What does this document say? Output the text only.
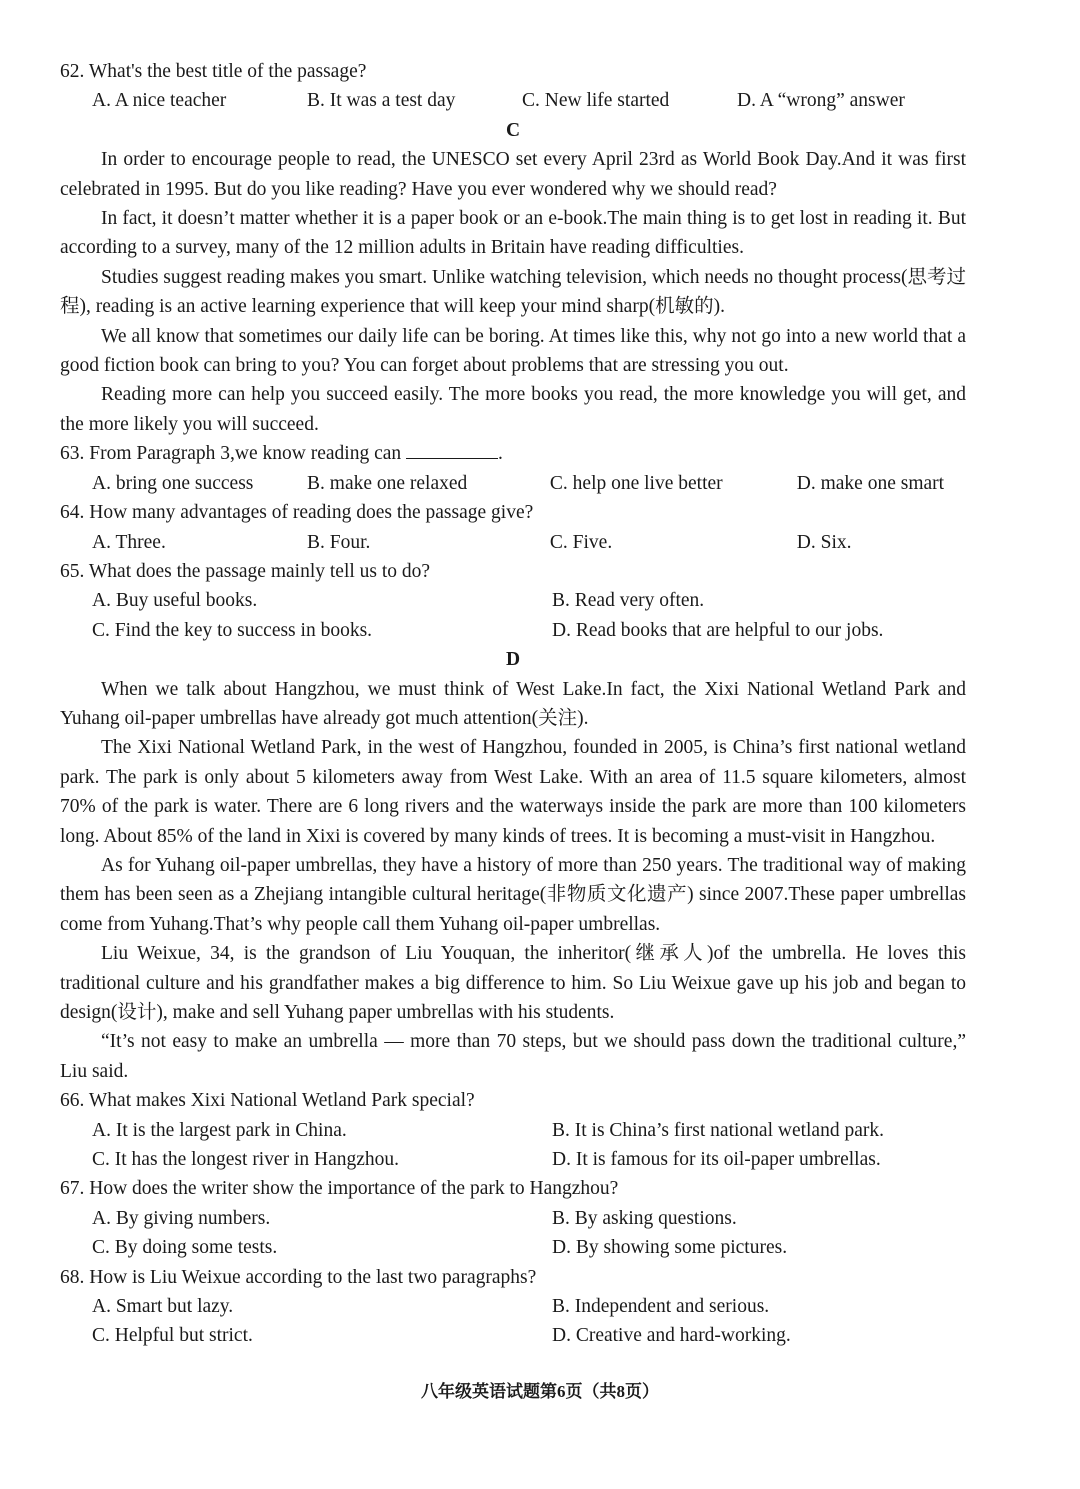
62. What's the best title of the passage?

A. A nice teacher	B. It was a test day	C. New life started	D. A “wrong” answer

C

In order to encourage people to read, the UNESCO set every April 23rd as World Book Day.And it was first celebrated in 1995. But do you like reading? Have you ever wondered why we should read?

In fact, it doesn’t matter whether it is a paper book or an e-book.The main thing is to get lost in reading it. But according to a survey, many of the 12 million adults in Britain have reading difficulties.

Studies suggest reading makes you smart. Unlike watching television, which needs no thought process(思考过程), reading is an active learning experience that will keep your mind sharp(机敏的).

We all know that sometimes our daily life can be boring. At times like this, why not go into a new world that a good fiction book can bring to you? You can forget about problems that are stressing you out.

Reading more can help you succeed easily. The more books you read, the more knowledge you will get, and the more likely you will succeed.

63. From Paragraph 3,we know reading can	.

A. bring one success	B. make one relaxed	C. help one live better	D. make one smart

64. How many advantages of reading does the passage give?

A. Three.	B. Four.	C. Five.	D. Six.

65. What does the passage mainly tell us to do?

A. Buy useful books.	B. Read very often.
C. Find the key to success in books.	D. Read books that are helpful to our jobs.

D

When we talk about Hangzhou, we must think of West Lake.In fact, the Xixi National Wetland Park and Yuhang oil-paper umbrellas have already got much attention(关注).

The Xixi National Wetland Park, in the west of Hangzhou, founded in 2005, is China’s first national wetland park. The park is only about 5 kilometers away from West Lake. With an area of 11.5 square kilometers, almost 70% of the park is water. There are 6 long rivers and the waterways inside the park are more than 100 kilometers long. About 85% of the land in Xixi is covered by many kinds of trees. It is becoming a must-visit in Hangzhou.

As for Yuhang oil-paper umbrellas, they have a history of more than 250 years. The traditional way of making them has been seen as a Zhejiang intangible cultural heritage(非物质文化遗产) since 2007.These paper umbrellas come from Yuhang.That’s why people call them Yuhang oil-paper umbrellas.

Liu Weixue, 34, is the grandson of Liu Youquan, the inheritor(继承人)of the umbrella. He loves this traditional culture and his grandfather makes a big difference to him. So Liu Weixue gave up his job and began to design(设计), make and sell Yuhang paper umbrellas with his students.

“It’s not easy to make an umbrella — more than 70 steps, but we should pass down the traditional culture,” Liu said.

66. What makes Xixi National Wetland Park special?

A. It is the largest park in China.	B. It is China’s first national wetland park.
C. It has the longest river in Hangzhou.	D. It is famous for its oil-paper umbrellas.

67. How does the writer show the importance of the park to Hangzhou?

A. By giving numbers.	B. By asking questions.
C. By doing some tests.	D. By showing some pictures.

68. How is Liu Weixue according to the last two paragraphs?

A. Smart but lazy.	B. Independent and serious.
C. Helpful but strict.	D. Creative and hard-working.
八年级英语试题第6页（共8页）
